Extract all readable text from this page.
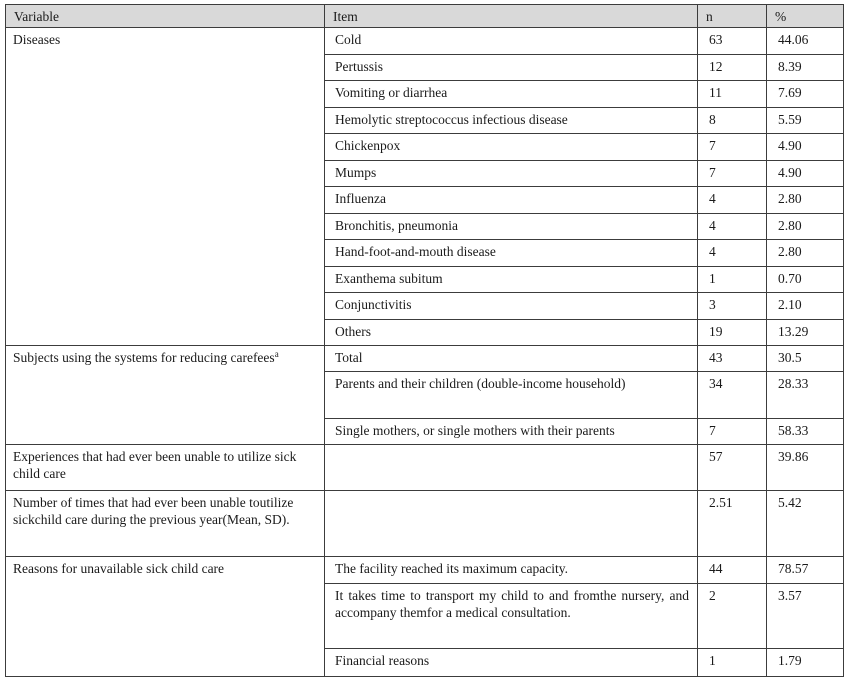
Variable	Item	n	%
Diseases	Cold	63	44.06
	Pertussis	12	8.39
	Vomiting or diarrhea	11	7.69
	Hemolytic streptococcus infectious disease	8	5.59
	Chickenpox	7	4.90
	Mumps	7	4.90
	Influenza	4	2.80
	Bronchitis, pneumonia	4	2.80
	Hand-foot-and-mouth disease	4	2.80
	Exanthema subitum	1	0.70
	Conjunctivitis	3	2.10
	Others	19	13.29
Subjects using the systems for reducing carefees$^a$	Total	43	30.5
	Parents and their children (double-income household)	34	28.33
	Single mothers, or single mothers with their parents	7	58.33
Experiences that had ever been unable to utilize sick child care		57	39.86
Number of times that had ever been unable toutilize sickchild care during the previous year(Mean, SD).		2.51	5.42
Reasons for unavailable sick child care	The facility reached its maximum capacity.	44	78.57

	It takes time to transport my child to and fromthe nursery, and accompany themfor a medical consultation.	2	3.57
	Financial reasons	1	1.79
